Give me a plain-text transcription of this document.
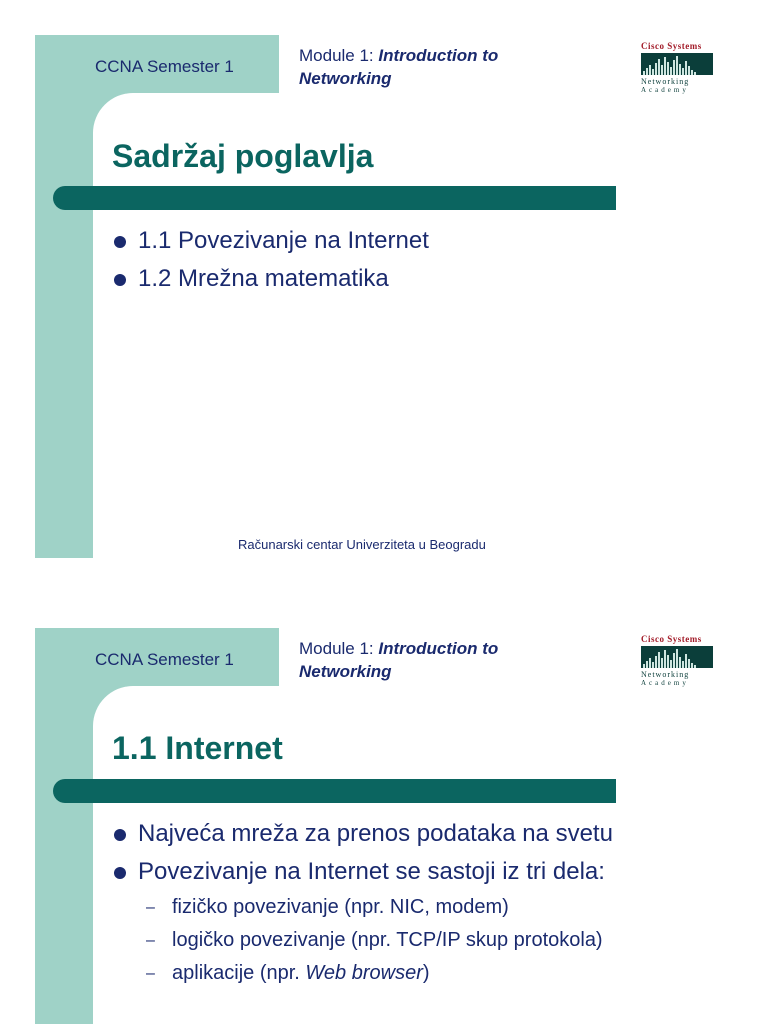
CCNA Semester 1
Module 1: Introduction to
Networking
Cisco Systems
Networking
Academy
Sadržaj poglavlja
1.1 Povezivanje na Internet
1.2 Mrežna matematika
Računarski centar Univerziteta u Beogradu
CCNA Semester 1
Module 1: Introduction to
Networking
Cisco Systems
Networking
Academy
1.1 Internet
Najveća mreža za prenos podataka na svetu
Povezivanje na Internet se sastoji iz tri dela:
– fizičko povezivanje (npr. NIC, modem)
– logičko povezivanje (npr. TCP/IP skup protokola)
– aplikacije (npr. Web browser)
